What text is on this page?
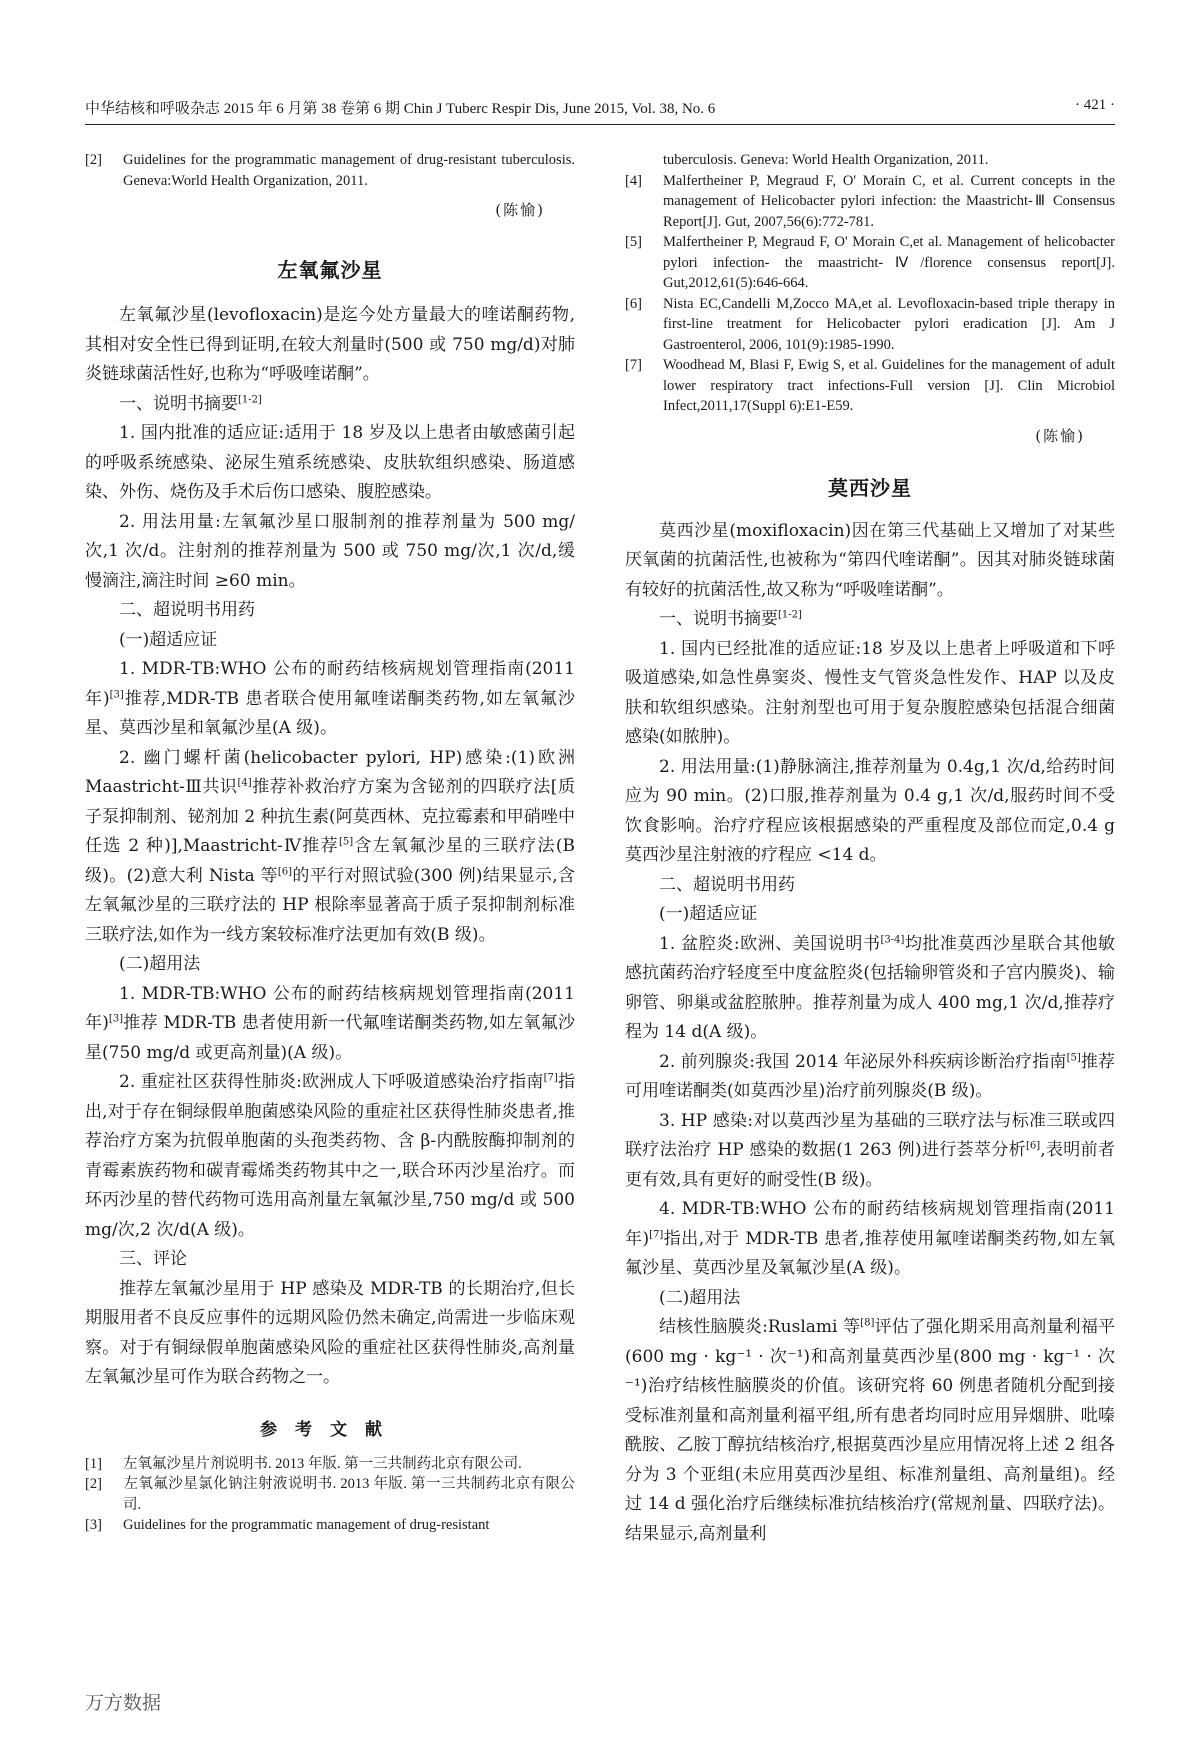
中华结核和呼吸杂志 2015 年 6 月第 38 卷第 6 期 Chin J Tuberc Respir Dis, June 2015, Vol. 38, No. 6	· 421 ·

[2] Guidelines for the programmatic management of drug-resistant tuberculosis. Geneva:World Health Organization, 2011.

(陈愉)

左氧氟沙星

左氧氟沙星(levofloxacin)是迄今处方量最大的喹诺酮药物,其相对安全性已得到证明,在较大剂量时(500 或 750 mg/d)对肺炎链球菌活性好,也称为“呼吸喹诺酮”。

一、说明书摘要[1-2]

1. 国内批准的适应证:适用于 18 岁及以上患者由敏感菌引起的呼吸系统感染、泌尿生殖系统感染、皮肤软组织感染、肠道感染、外伤、烧伤及手术后伤口感染、腹腔感染。

2. 用法用量:左氧氟沙星口服制剂的推荐剂量为 500 mg/次,1 次/d。注射剂的推荐剂量为 500 或 750 mg/次,1 次/d,缓慢滴注,滴注时间 ≥60 min。

二、超说明书用药

(一)超适应证

1. MDR-TB:WHO 公布的耐药结核病规划管理指南(2011 年)[3]推荐,MDR-TB 患者联合使用氟喹诺酮类药物,如左氧氟沙星、莫西沙星和氧氟沙星(A 级)。

2. 幽门螺杆菌(helicobacter pylori, HP)感染:(1)欧洲 Maastricht-Ⅲ共识[4]推荐补救治疗方案为含铋剂的四联疗法[质子泵抑制剂、铋剂加 2 种抗生素(阿莫西林、克拉霉素和甲硝唑中任选 2 种)],Maastricht-Ⅳ推荐[5]含左氧氟沙星的三联疗法(B 级)。(2)意大利 Nista 等[6]的平行对照试验(300 例)结果显示,含左氧氟沙星的三联疗法的 HP 根除率显著高于质子泵抑制剂标准三联疗法,如作为一线方案较标准疗法更加有效(B 级)。

(二)超用法

1. MDR-TB:WHO 公布的耐药结核病规划管理指南(2011 年)[3]推荐 MDR-TB 患者使用新一代氟喹诺酮类药物,如左氧氟沙星(750 mg/d 或更高剂量)(A 级)。

2. 重症社区获得性肺炎:欧洲成人下呼吸道感染治疗指南[7]指出,对于存在铜绿假单胞菌感染风险的重症社区获得性肺炎患者,推荐治疗方案为抗假单胞菌的头孢类药物、含 β-内酰胺酶抑制剂的青霉素族药物和碳青霉烯类药物其中之一,联合环丙沙星治疗。而环丙沙星的替代药物可选用高剂量左氧氟沙星,750 mg/d 或 500 mg/次,2 次/d(A 级)。

三、评论

推荐左氧氟沙星用于 HP 感染及 MDR-TB 的长期治疗,但长期服用者不良反应事件的远期风险仍然未确定,尚需进一步临床观察。对于有铜绿假单胞菌感染风险的重症社区获得性肺炎,高剂量左氧氟沙星可作为联合药物之一。

参考文献

[1] 左氧氟沙星片剂说明书. 2013 年版. 第一三共制药北京有限公司.

[2] 左氧氟沙星氯化钠注射液说明书. 2013 年版. 第一三共制药北京有限公司.

[3] Guidelines for the programmatic management of drug-resistant

tuberculosis. Geneva: World Health Organization, 2011.

[4] Malfertheiner P, Megraud F, O' Morain C, et al. Current concepts in the management of Helicobacter pylori infection: the Maastricht-Ⅲ Consensus Report[J]. Gut, 2007,56(6):772-781.

[5] Malfertheiner P, Megraud F, O' Morain C,et al. Management of helicobacter pylori infection- the maastricht-Ⅳ/florence consensus report[J]. Gut,2012,61(5):646-664.

[6] Nista EC,Candelli M,Zocco MA,et al. Levofloxacin-based triple therapy in first-line treatment for Helicobacter pylori eradication [J]. Am J Gastroenterol, 2006, 101(9):1985-1990.

[7] Woodhead M, Blasi F, Ewig S, et al. Guidelines for the management of adult lower respiratory tract infections-Full version [J]. Clin Microbiol Infect,2011,17(Suppl 6):E1-E59.

(陈愉)

莫西沙星

莫西沙星(moxifloxacin)因在第三代基础上又增加了对某些厌氧菌的抗菌活性,也被称为“第四代喹诺酮”。因其对肺炎链球菌有较好的抗菌活性,故又称为“呼吸喹诺酮”。

一、说明书摘要[1-2]

1. 国内已经批准的适应证:18 岁及以上患者上呼吸道和下呼吸道感染,如急性鼻窦炎、慢性支气管炎急性发作、HAP 以及皮肤和软组织感染。注射剂型也可用于复杂腹腔感染包括混合细菌感染(如脓肿)。

2. 用法用量:(1)静脉滴注,推荐剂量为 0.4g,1 次/d,给药时间应为 90 min。(2)口服,推荐剂量为 0.4 g,1 次/d,服药时间不受饮食影响。治疗疗程应该根据感染的严重程度及部位而定,0.4 g 莫西沙星注射液的疗程应 <14 d。

二、超说明书用药

(一)超适应证

1. 盆腔炎:欧洲、美国说明书[3-4]均批准莫西沙星联合其他敏感抗菌药治疗轻度至中度盆腔炎(包括输卵管炎和子宫内膜炎)、输卵管、卵巢或盆腔脓肿。推荐剂量为成人 400 mg,1 次/d,推荐疗程为 14 d(A 级)。

2. 前列腺炎:我国 2014 年泌尿外科疾病诊断治疗指南[5]推荐可用喹诺酮类(如莫西沙星)治疗前列腺炎(B 级)。

3. HP 感染:对以莫西沙星为基础的三联疗法与标准三联或四联疗法治疗 HP 感染的数据(1 263 例)进行荟萃分析[6],表明前者更有效,具有更好的耐受性(B 级)。

4. MDR-TB:WHO 公布的耐药结核病规划管理指南(2011 年)[7]指出,对于 MDR-TB 患者,推荐使用氟喹诺酮类药物,如左氧氟沙星、莫西沙星及氧氟沙星(A 级)。

(二)超用法

结核性脑膜炎:Ruslami 等[8]评估了强化期采用高剂量利福平(600 mg · kg⁻¹ · 次⁻¹)和高剂量莫西沙星(800 mg · kg⁻¹ · 次⁻¹)治疗结核性脑膜炎的价值。该研究将 60 例患者随机分配到接受标准剂量和高剂量利福平组,所有患者均同时应用异烟肼、吡嗪酰胺、乙胺丁醇抗结核治疗,根据莫西沙星应用情况将上述 2 组各分为 3 个亚组(未应用莫西沙星组、标准剂量组、高剂量组)。经过 14 d 强化治疗后继续标准抗结核治疗(常规剂量、四联疗法)。结果显示,高剂量利

万方数据
